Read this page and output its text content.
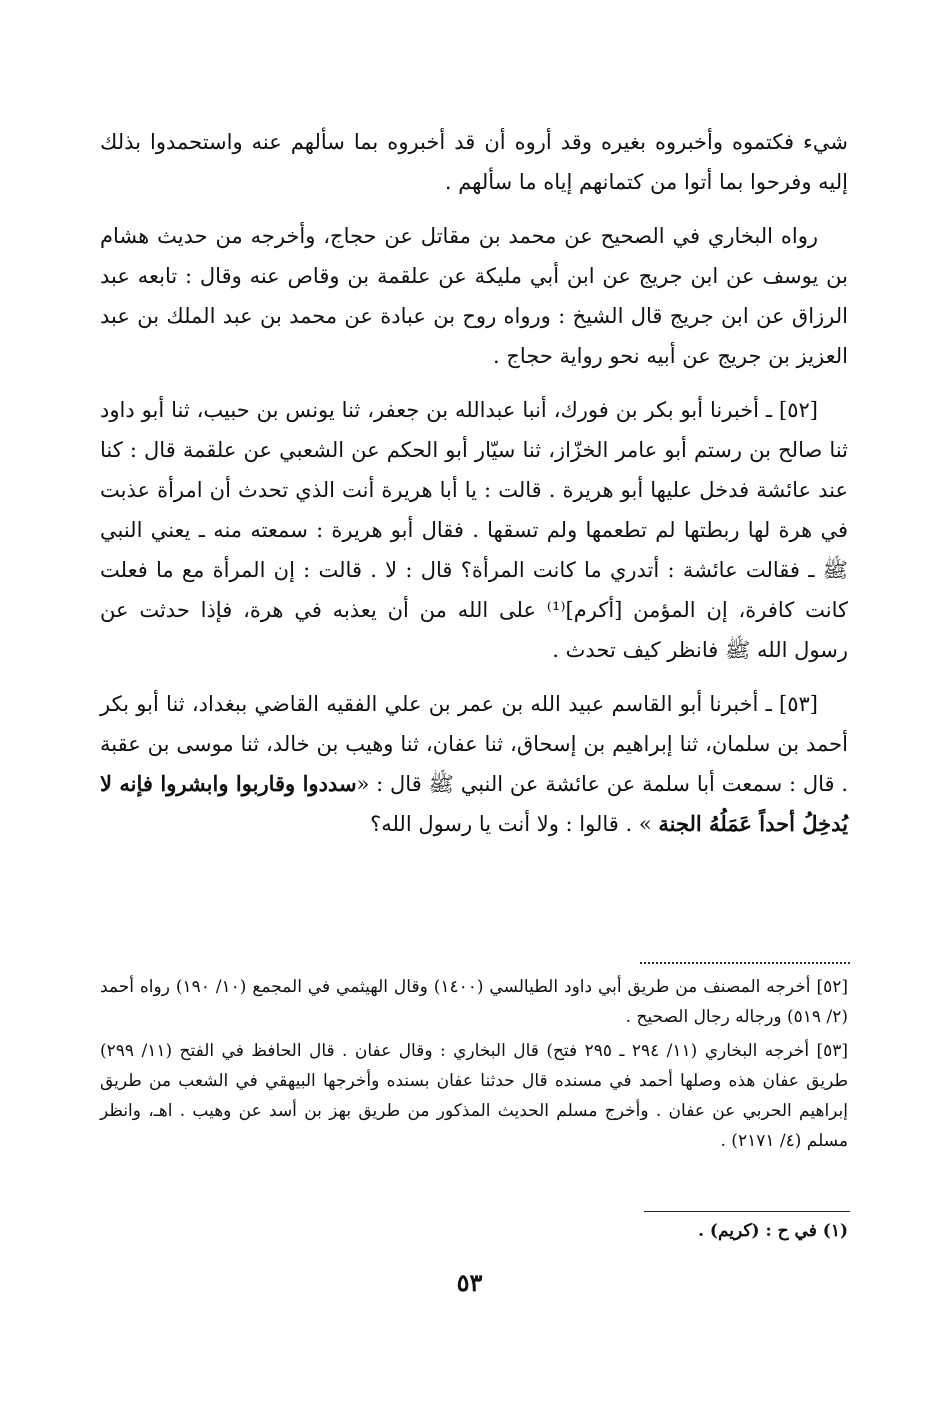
شيء فكتموه وأخبروه بغيره وقد أروه أن قد أخبروه بما سألهم عنه واستحمدوا بذلك إليه وفرحوا بما أتوا من كتمانهم إياه ما سألهم .

رواه البخاري في الصحيح عن محمد بن مقاتل عن حجاج، وأخرجه من حديث هشام بن يوسف عن ابن جريج عن ابن أبي مليكة عن علقمة بن وقاص عنه وقال : تابعه عبد الرزاق عن ابن جريج قال الشيخ : ورواه روح بن عبادة عن محمد بن عبد الملك بن عبد العزيز بن جريج عن أبيه نحو رواية حجاج .

[٥٢] ـ أخبرنا أبو بكر بن فورك، أنبا عبدالله بن جعفر، ثنا يونس بن حبيب، ثنا أبو داود ثنا صالح بن رستم أبو عامر الخزّاز، ثنا سيّار أبو الحكم عن الشعبي عن علقمة قال : كنا عند عائشة فدخل عليها أبو هريرة . قالت : يا أبا هريرة أنت الذي تحدث أن امرأة عذبت في هرة لها ربطتها لم تطعمها ولم تسقها . فقال أبو هريرة : سمعته منه ـ يعني النبي ﷺ ـ فقالت عائشة : أتدري ما كانت المرأة؟ قال : لا . قالت : إن المرأة مع ما فعلت كانت كافرة، إن المؤمن [أكرم]⁽¹⁾ على الله من أن يعذبه في هرة، فإذا حدثت عن رسول الله ﷺ فانظر كيف تحدث .

[٥٣] ـ أخبرنا أبو القاسم عبيد الله بن عمر بن علي الفقيه القاضي ببغداد، ثنا أبو بكر أحمد بن سلمان، ثنا إبراهيم بن إسحاق، ثنا عفان، ثنا وهيب بن خالد، ثنا موسى بن عقبة . قال : سمعت أبا سلمة عن عائشة عن النبي ﷺ قال : «سددوا وقاربوا وابشروا فإنه لا يُدخِلُ أحداً عَمَلُهُ الجنة » . قالوا : ولا أنت يا رسول الله؟

[٥٢] أخرجه المصنف من طريق أبي داود الطيالسي (١٤٠٠) وقال الهيثمي في المجمع (١٠/ ١٩٠) رواه أحمد (٢/ ٥١٩) ورجاله رجال الصحيح .

[٥٣] أخرجه البخاري (١١/ ٢٩٤ ـ ٢٩٥ فتح) قال البخاري : وقال عفان . قال الحافظ في الفتح (١١/ ٢٩٩) طريق عفان هذه وصلها أحمد في مسنده قال حدثنا عفان بسنده وأخرجها البيهقي في الشعب من طريق إبراهيم الحربي عن عفان . وأخرج مسلم الحديث المذكور من طريق بهز بن أسد عن وهيب . اهـ، وانظر مسلم (٤/ ٢١٧١) .

(١) في ح : (كريم) .
٥٣
